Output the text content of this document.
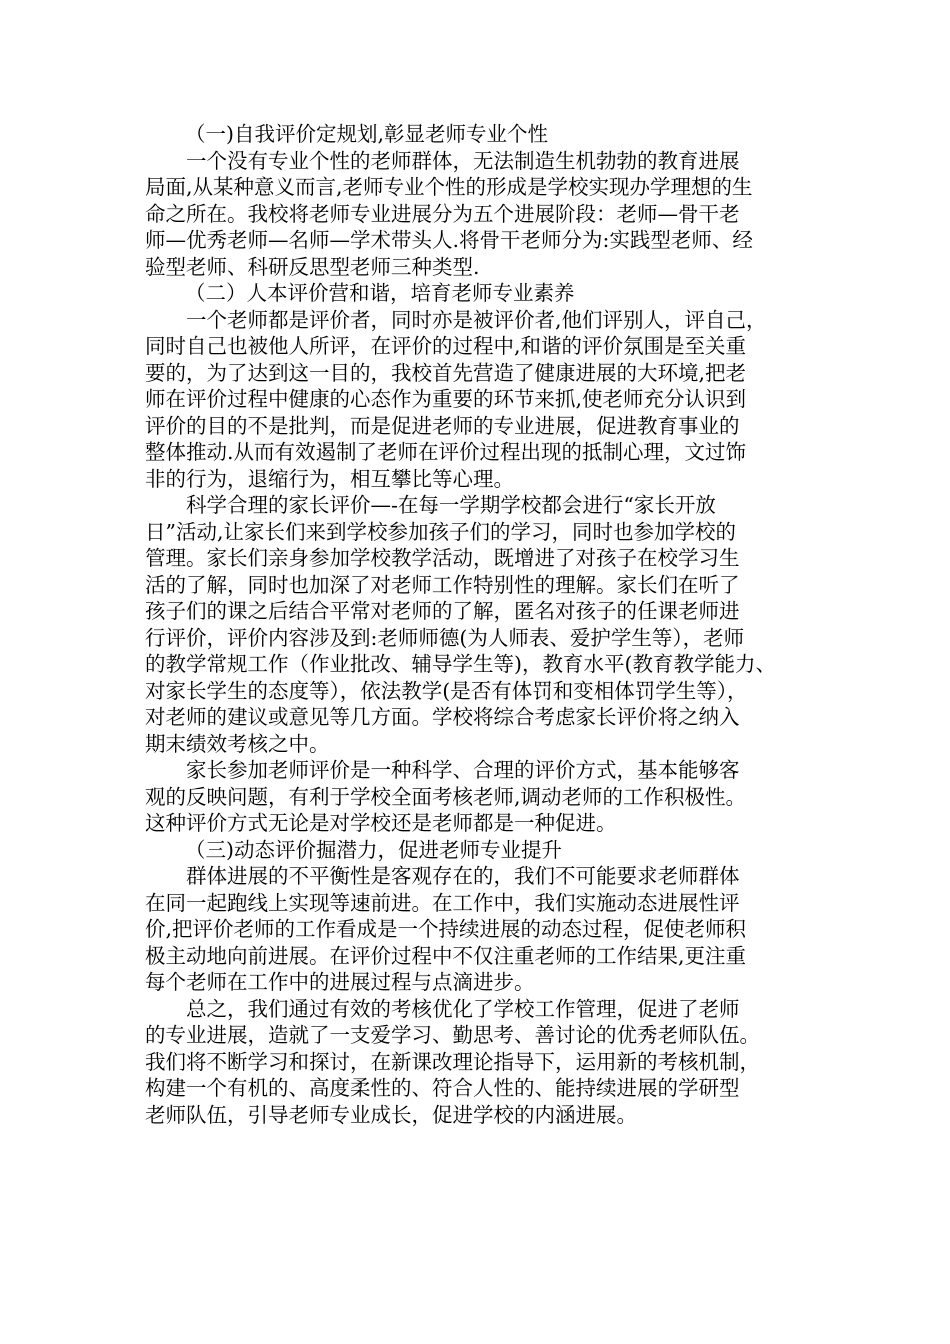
（一)自我评价定规划,彰显老师专业个性
一个没有专业个性的老师群体，无法制造生机勃勃的教育进展
局面,从某种意义而言,老师专业个性的形成是学校实现办学理想的生
命之所在。我校将老师专业进展分为五个进展阶段：老师—骨干老
师—优秀老师—名师—学术带头人.将骨干老师分为:实践型老师、经
验型老师、科研反思型老师三种类型.
（二）人本评价营和谐，培育老师专业素养
一个老师都是评价者，同时亦是被评价者,他们评别人，评自己，
同时自己也被他人所评，在评价的过程中,和谐的评价氛围是至关重
要的，为了达到这一目的，我校首先营造了健康进展的大环境,把老
师在评价过程中健康的心态作为重要的环节来抓,使老师充分认识到
评价的目的不是批判，而是促进老师的专业进展，促进教育事业的
整体推动.从而有效遏制了老师在评价过程出现的抵制心理，文过饰
非的行为，退缩行为，相互攀比等心理。
科学合理的家长评价—-在每一学期学校都会进行“家长开放
日”活动,让家长们来到学校参加孩子们的学习，同时也参加学校的
管理。家长们亲身参加学校教学活动，既增进了对孩子在校学习生
活的了解，同时也加深了对老师工作特别性的理解。家长们在听了
孩子们的课之后结合平常对老师的了解，匿名对孩子的任课老师进
行评价，评价内容涉及到:老师师德(为人师表、爱护学生等），老师
的教学常规工作（作业批改、辅导学生等)，教育水平(教育教学能力、
对家长学生的态度等），依法教学(是否有体罚和变相体罚学生等），
对老师的建议或意见等几方面。学校将综合考虑家长评价将之纳入
期末绩效考核之中。
家长参加老师评价是一种科学、合理的评价方式，基本能够客
观的反映问题，有利于学校全面考核老师,调动老师的工作积极性。
这种评价方式无论是对学校还是老师都是一种促进。
（三)动态评价掘潜力，促进老师专业提升
群体进展的不平衡性是客观存在的，我们不可能要求老师群体
在同一起跑线上实现等速前进。在工作中，我们实施动态进展性评
价,把评价老师的工作看成是一个持续进展的动态过程，促使老师积
极主动地向前进展。在评价过程中不仅注重老师的工作结果,更注重
每个老师在工作中的进展过程与点滴进步。
总之，我们通过有效的考核优化了学校工作管理，促进了老师
的专业进展，造就了一支爱学习、勤思考、善讨论的优秀老师队伍。
我们将不断学习和探讨，在新课改理论指导下，运用新的考核机制，
构建一个有机的、高度柔性的、符合人性的、能持续进展的学研型
老师队伍，引导老师专业成长，促进学校的内涵进展。
